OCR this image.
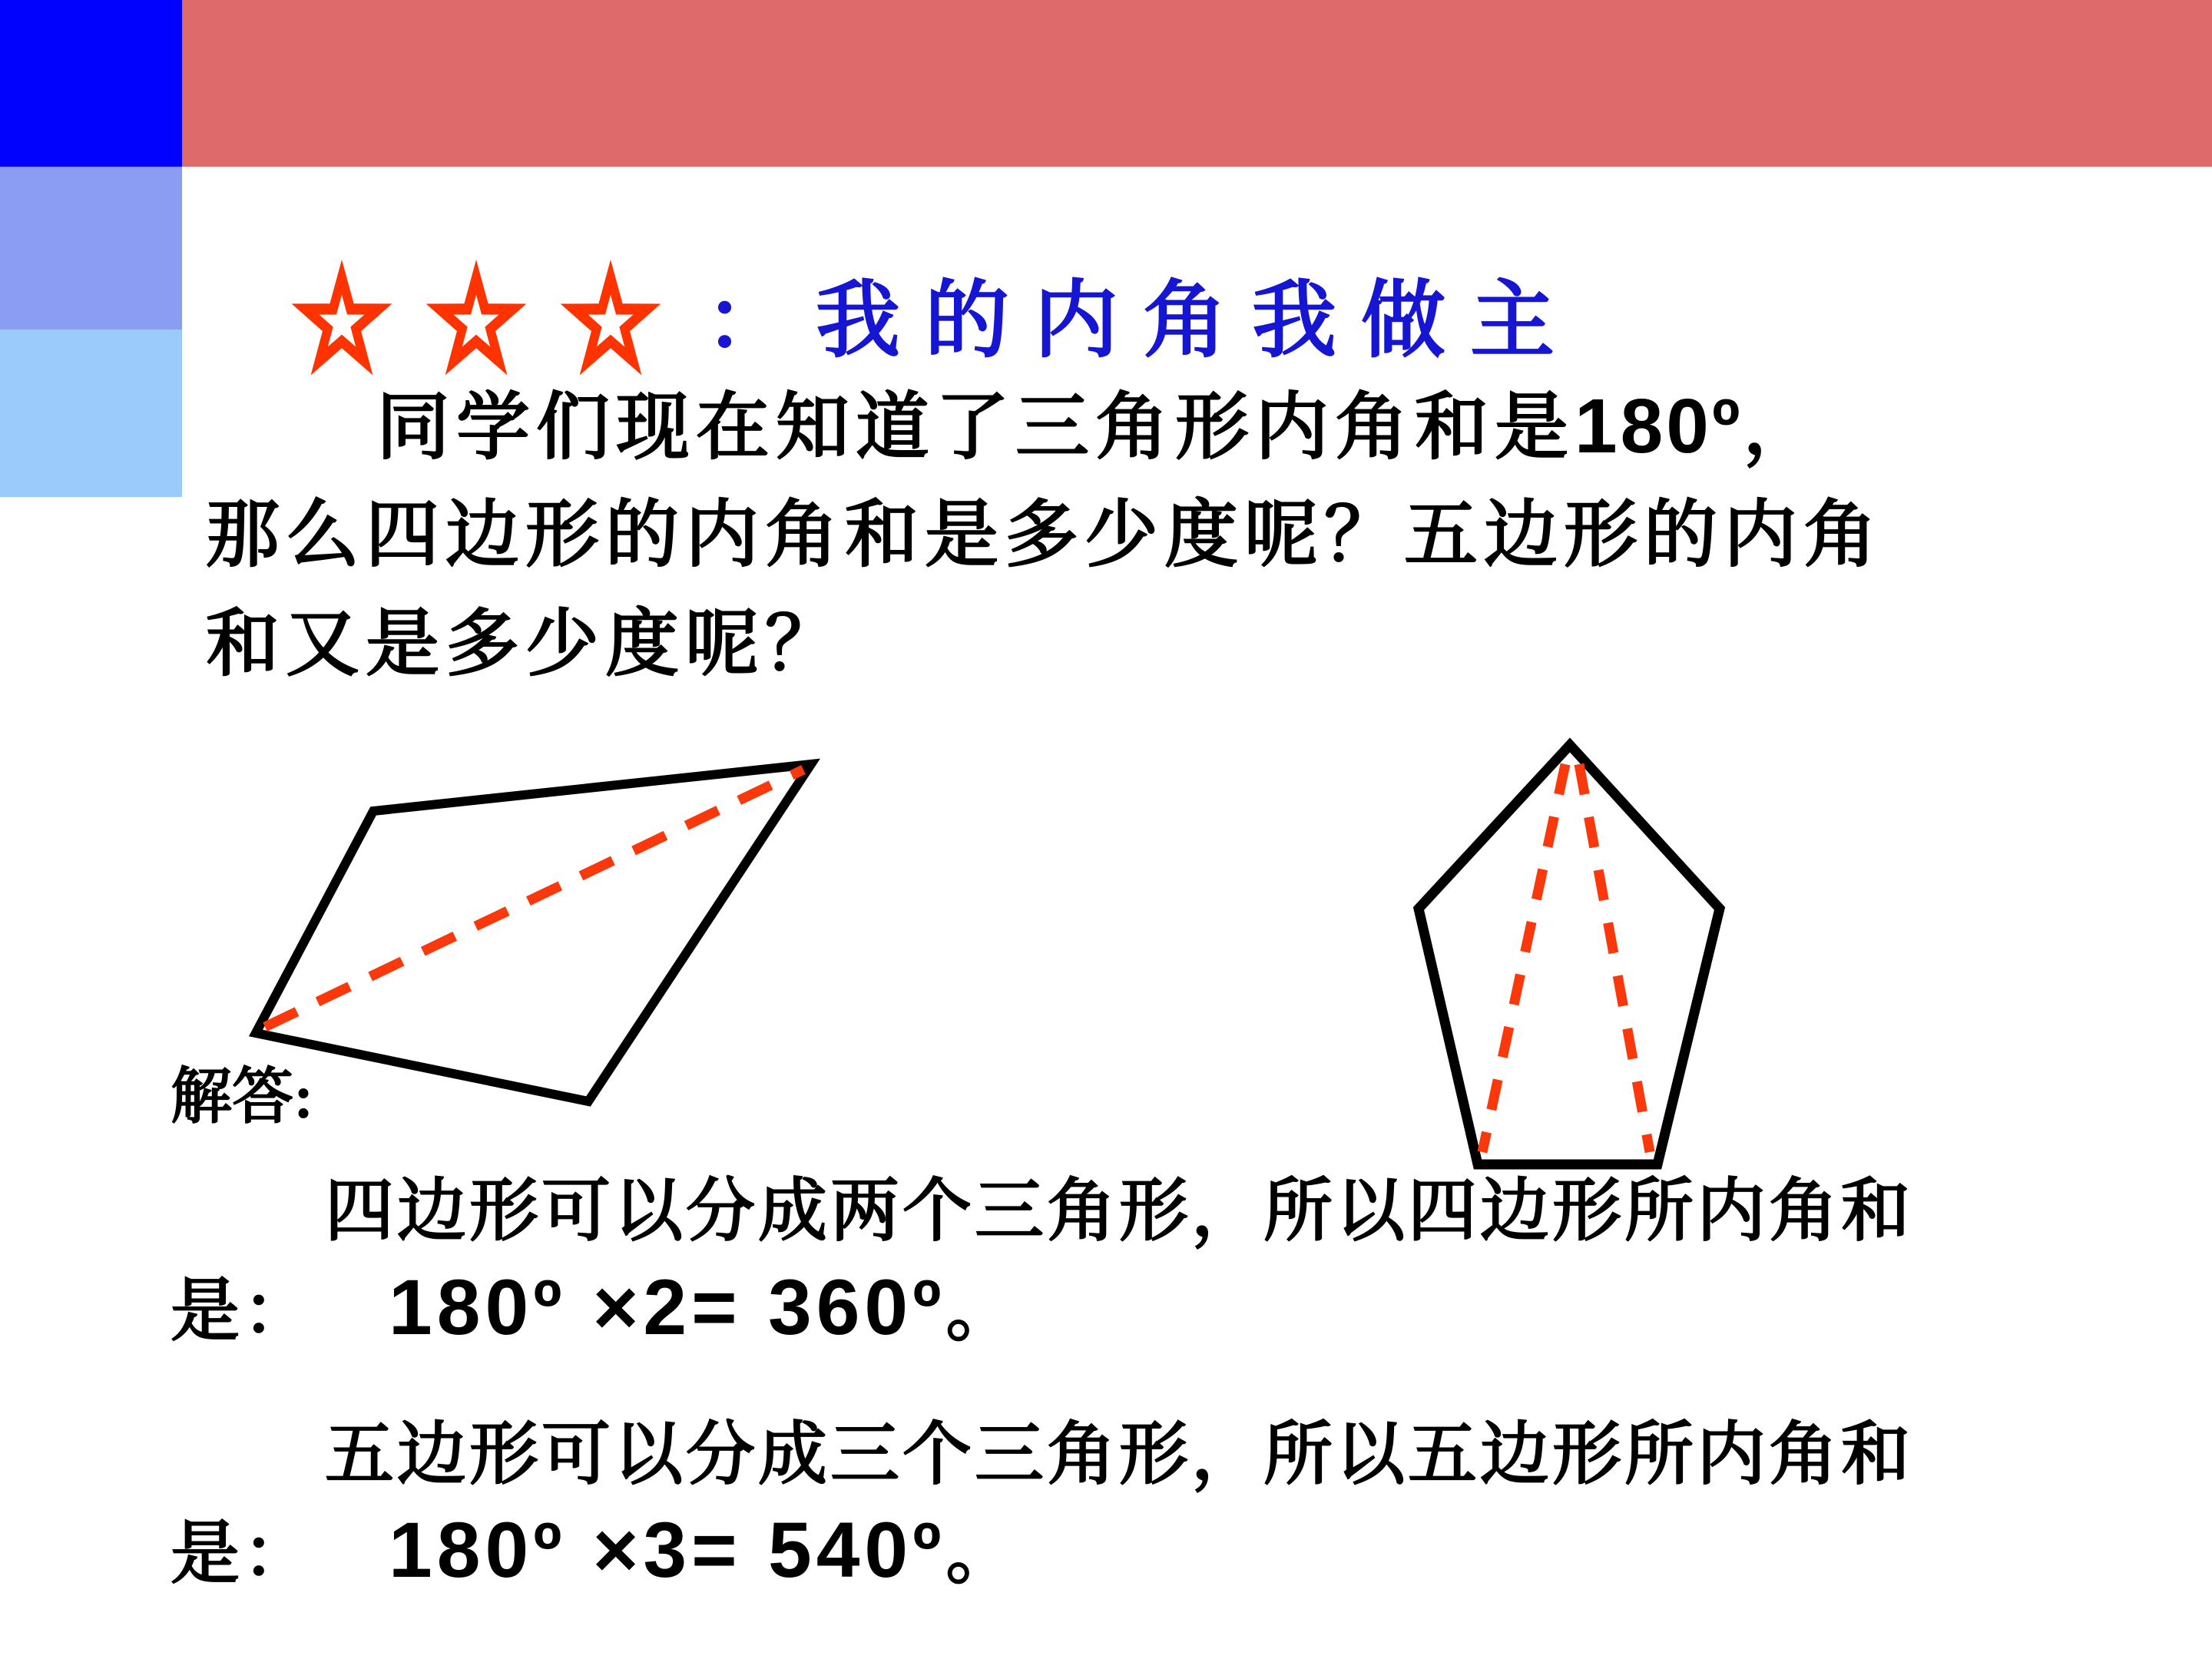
： 我的内角我做主
同学们现在知道了三角形内角和是180º，
那么四边形的内角和是多少度呢？五边形的内角
和又是多少度呢？
解答:
四边形可以分成两个三角形，所以四边形所内角和
是： 180º ×2= 360º。
五边形可以分成三个三角形，所以五边形所内角和
是： 180º ×3= 540º。
